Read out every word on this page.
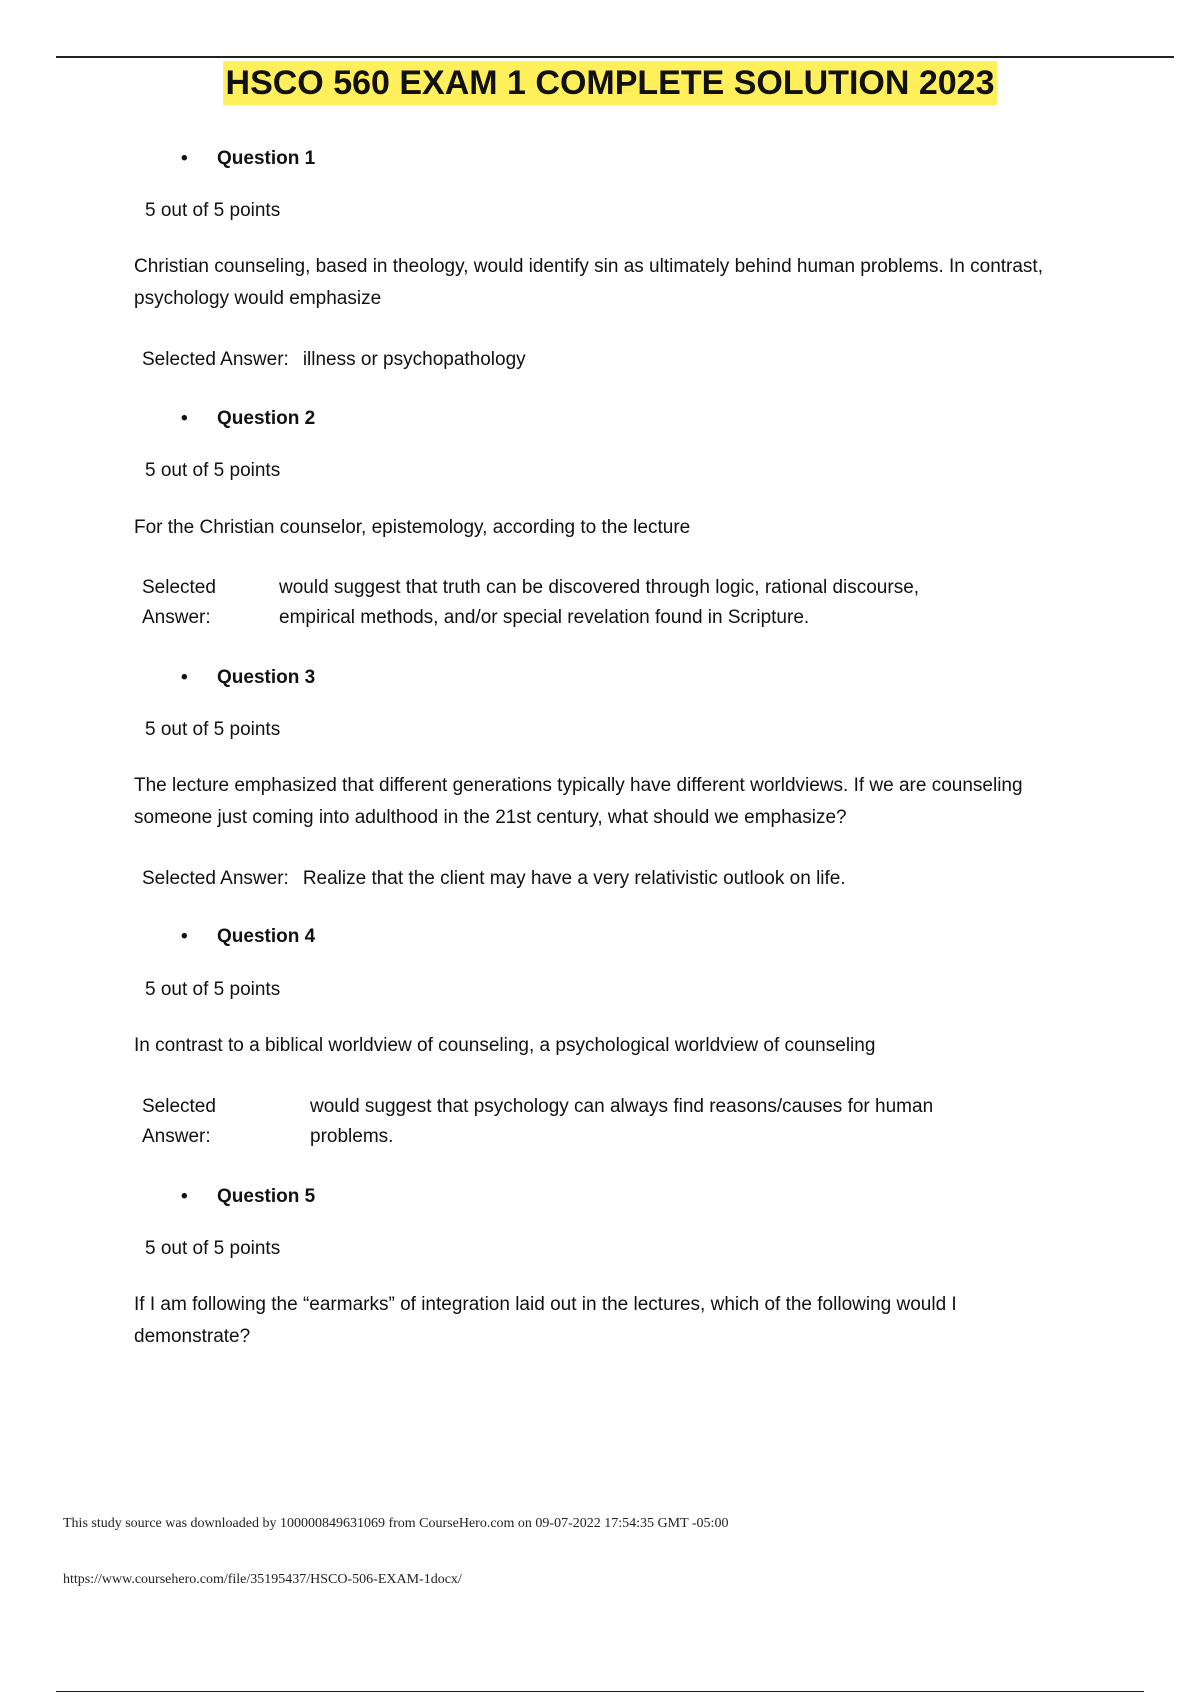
HSCO 560 EXAM 1 COMPLETE SOLUTION 2023
• Question 1
5 out of 5 points
Christian counseling, based in theology, would identify sin as ultimately behind human problems. In contrast, psychology would emphasize
Selected Answer: illness or psychopathology
• Question 2
5 out of 5 points
For the Christian counselor, epistemology, according to the lecture
Selected
Answer:
would suggest that truth can be discovered through logic, rational discourse, empirical methods, and/or special revelation found in Scripture.
• Question 3
5 out of 5 points
The lecture emphasized that different generations typically have different worldviews. If we are counseling someone just coming into adulthood in the 21st century, what should we emphasize?
Selected Answer: Realize that the client may have a very relativistic outlook on life.
• Question 4
5 out of 5 points
In contrast to a biblical worldview of counseling, a psychological worldview of counseling
Selected
Answer:
would suggest that psychology can always find reasons/causes for human problems.
• Question 5
5 out of 5 points
If I am following the “earmarks” of integration laid out in the lectures, which of the following would I demonstrate?
This study source was downloaded by 100000849631069 from CourseHero.com on 09-07-2022 17:54:35 GMT -05:00
https://www.coursehero.com/file/35195437/HSCO-506-EXAM-1docx/
